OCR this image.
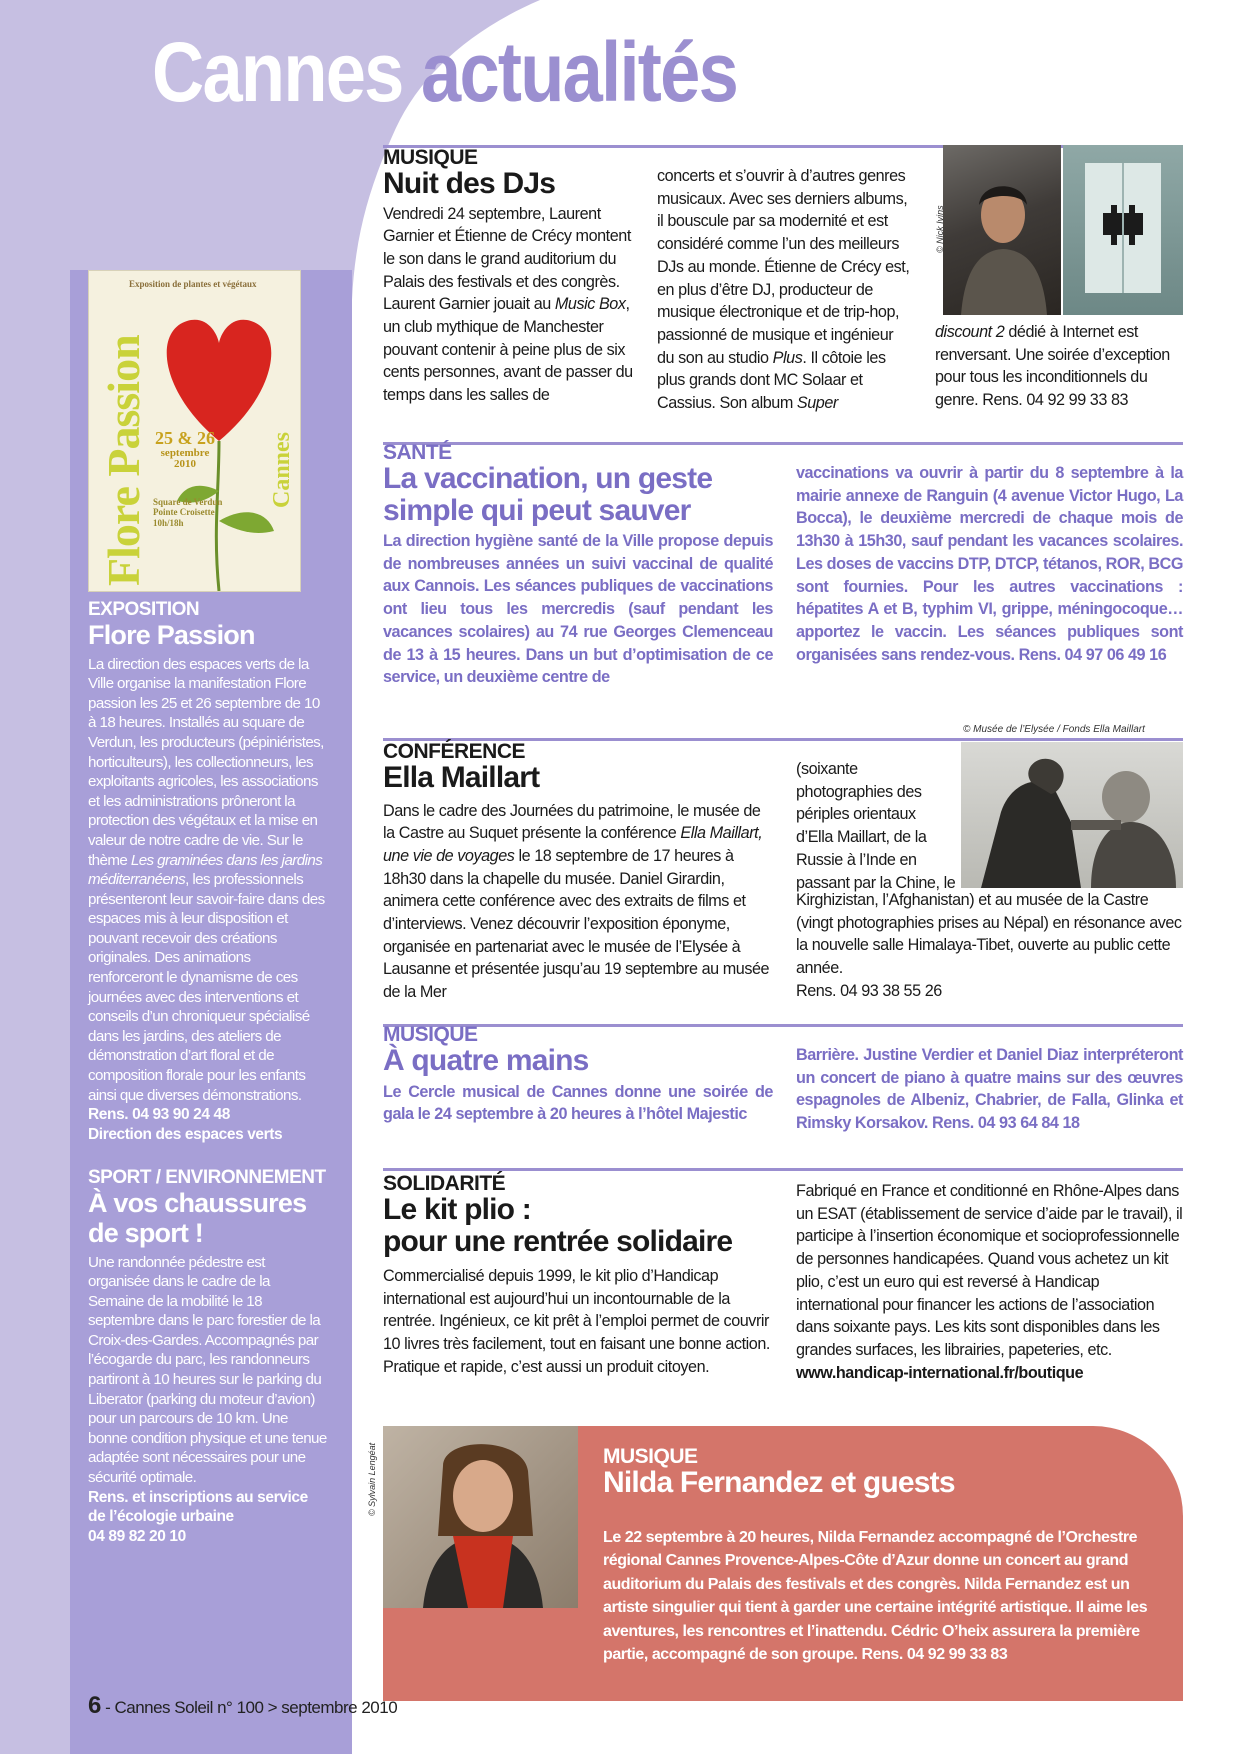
Cannes actualités
Exposition de plantes et végétaux
Flore Passion 25 & 26
septembre
2010
Square de Verdun
Pointe Croisette
10h/18h
Cannes
EXPOSITION
Flore Passion
La direction des espaces verts de la Ville organise la manifestation Flore passion les 25 et 26 septembre de 10 à 18 heures. Installés au square de Verdun, les producteurs (pépiniéristes, horticulteurs), les collectionneurs, les exploitants agricoles, les associations et les administrations prôneront la protection des végétaux et la mise en valeur de notre cadre de vie. Sur le thème Les graminées dans les jardins méditerranéens, les professionnels présenteront leur savoir-faire dans des espaces mis à leur disposition et pouvant recevoir des créations originales. Des animations renforceront le dynamisme de ces journées avec des interventions et conseils d’un chroniqueur spécialisé dans les jardins, des ateliers de démonstration d’art floral et de composition florale pour les enfants ainsi que diverses démonstrations.
Rens. 04 93 90 24 48
Direction des espaces verts
SPORT / ENVIRONNEMENT
À vos chaussures de sport !
Une randonnée pédestre est organisée dans le cadre de la Semaine de la mobilité le 18 septembre dans le parc forestier de la Croix-des-Gardes. Accompagnés par l’écogarde du parc, les randonneurs partiront à 10 heures sur le parking du Liberator (parking du moteur d’avion) pour un parcours de 10 km. Une bonne condition physique et une tenue adaptée sont nécessaires pour une sécurité optimale.
Rens. et inscriptions au service de l’écologie urbaine
04 89 82 20 10
MUSIQUE
Nuit des DJs
Vendredi 24 septembre, Laurent Garnier et Étienne de Crécy montent le son dans le grand auditorium du Palais des festivals et des congrès. Laurent Garnier jouait au Music Box, un club mythique de Manchester pouvant contenir à peine plus de six cents personnes, avant de passer du temps dans les salles de
concerts et s’ouvrir à d’autres genres musicaux. Avec ses derniers albums, il bouscule par sa modernité et est considéré comme l’un des meilleurs DJs au monde. Étienne de Crécy est, en plus d’être DJ, producteur de musique électronique et de trip-hop, passionné de musique et ingénieur du son au studio Plus. Il côtoie les plus grands dont MC Solaar et Cassius. Son album Super
© Nick Ivins
discount 2 dédié à Internet est renversant. Une soirée d’exception pour tous les inconditionnels du genre. Rens. 04 92 99 33 83
SANTÉ
La vaccination, un geste
simple qui peut sauver
La direction hygiène santé de la Ville propose depuis de nombreuses années un suivi vaccinal de qualité aux Cannois. Les séances publiques de vaccinations ont lieu tous les mercredis (sauf pendant les vacances scolaires) au 74 rue Georges Clemenceau de 13 à 15 heures. Dans un but d’optimisation de ce service, un deuxième centre de
vaccinations va ouvrir à partir du 8 septembre à la mairie annexe de Ranguin (4 avenue Victor Hugo, La Bocca), le deuxième mercredi de chaque mois de 13h30 à 15h30, sauf pendant les vacances scolaires. Les doses de vaccins DTP, DTCP, tétanos, ROR, BCG sont fournies. Pour les autres vaccinations : hépatites A et B, typhim VI, grippe, méningocoque… apportez le vaccin. Les séances publiques sont organisées sans rendez-vous. Rens. 04 97 06 49 16
© Musée de l’Elysée / Fonds Ella Maillart
CONFÉRENCE
Ella Maillart
Dans le cadre des Journées du patrimoine, le musée de la Castre au Suquet présente la conférence Ella Maillart, une vie de voyages le 18 septembre de 17 heures à 18h30 dans la chapelle du musée. Daniel Girardin, animera cette conférence avec des extraits de films et d’interviews. Venez découvrir l’exposition éponyme, organisée en partenariat avec le musée de l’Elysée à Lausanne et présentée jusqu’au 19 septembre au musée de la Mer
(soixante photographies des périples orientaux d’Ella Maillart, de la Russie à l’Inde en passant par la Chine, le
Kirghizistan, l’Afghanistan) et au musée de la Castre (vingt photographies prises au Népal) en résonance avec la nouvelle salle Himalaya-Tibet, ouverte au public cette année.
Rens. 04 93 38 55 26
MUSIQUE
À quatre mains
Le Cercle musical de Cannes donne une soirée de gala le 24 septembre à 20 heures à l’hôtel Majestic
Barrière. Justine Verdier et Daniel Diaz interpréteront un concert de piano à quatre mains sur des œuvres espagnoles de Albeniz, Chabrier, de Falla, Glinka et Rimsky Korsakov. Rens. 04 93 64 84 18
SOLIDARITÉ
Le kit plio :
pour une rentrée solidaire
Commercialisé depuis 1999, le kit plio d’Handicap international est aujourd’hui un incontournable de la rentrée. Ingénieux, ce kit prêt à l’emploi permet de couvrir 10 livres très facilement, tout en faisant une bonne action. Pratique et rapide, c’est aussi un produit citoyen.
Fabriqué en France et conditionné en Rhône-Alpes dans un ESAT (établissement de service d’aide par le travail), il participe à l’insertion économique et socioprofessionnelle de personnes handicapées. Quand vous achetez un kit plio, c’est un euro qui est reversé à Handicap international pour financer les actions de l’association dans soixante pays. Les kits sont disponibles dans les grandes surfaces, les librairies, papeteries, etc.
www.handicap-international.fr/boutique
© Sylvain Lengéat	MUSIQUE
Nilda Fernandez et guests
Le 22 septembre à 20 heures, Nilda Fernandez accompagné de l’Orchestre régional Cannes Provence-Alpes-Côte d’Azur donne un concert au grand auditorium du Palais des festivals et des congrès. Nilda Fernandez est un artiste singulier qui tient à garder une certaine intégrité artistique. Il aime les aventures, les rencontres et l’inattendu. Cédric O’heix assurera la première partie, accompagné de son groupe. Rens. 04 92 99 33 83
6 - Cannes Soleil n° 100 > septembre 2010
